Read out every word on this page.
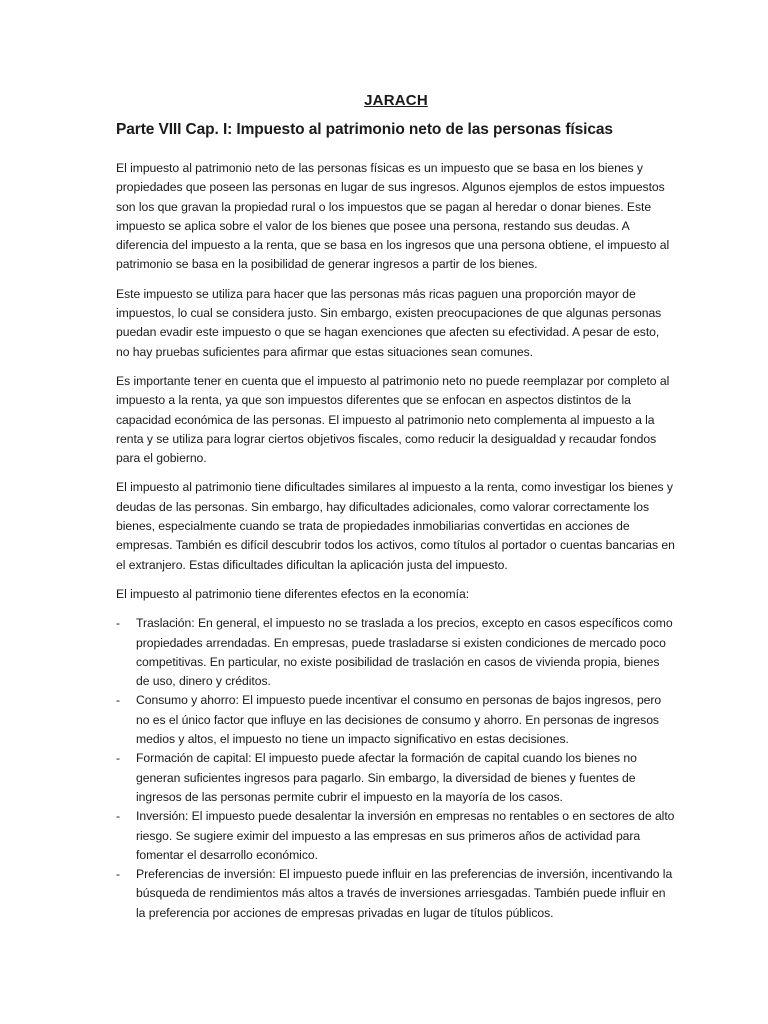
JARACH
Parte VIII Cap. I: Impuesto al patrimonio neto de las personas físicas

El impuesto al patrimonio neto de las personas físicas es un impuesto que se basa en los bienes y propiedades que poseen las personas en lugar de sus ingresos. Algunos ejemplos de estos impuestos son los que gravan la propiedad rural o los impuestos que se pagan al heredar o donar bienes. Este impuesto se aplica sobre el valor de los bienes que posee una persona, restando sus deudas. A diferencia del impuesto a la renta, que se basa en los ingresos que una persona obtiene, el impuesto al patrimonio se basa en la posibilidad de generar ingresos a partir de los bienes.

Este impuesto se utiliza para hacer que las personas más ricas paguen una proporción mayor de impuestos, lo cual se considera justo. Sin embargo, existen preocupaciones de que algunas personas puedan evadir este impuesto o que se hagan exenciones que afecten su efectividad. A pesar de esto, no hay pruebas suficientes para afirmar que estas situaciones sean comunes.

Es importante tener en cuenta que el impuesto al patrimonio neto no puede reemplazar por completo al impuesto a la renta, ya que son impuestos diferentes que se enfocan en aspectos distintos de la capacidad económica de las personas. El impuesto al patrimonio neto complementa al impuesto a la renta y se utiliza para lograr ciertos objetivos fiscales, como reducir la desigualdad y recaudar fondos para el gobierno.

El impuesto al patrimonio tiene dificultades similares al impuesto a la renta, como investigar los bienes y deudas de las personas. Sin embargo, hay dificultades adicionales, como valorar correctamente los bienes, especialmente cuando se trata de propiedades inmobiliarias convertidas en acciones de empresas. También es difícil descubrir todos los activos, como títulos al portador o cuentas bancarias en el extranjero. Estas dificultades dificultan la aplicación justa del impuesto.

El impuesto al patrimonio tiene diferentes efectos en la economía:

- Traslación: En general, el impuesto no se traslada a los precios, excepto en casos específicos como propiedades arrendadas. En empresas, puede trasladarse si existen condiciones de mercado poco competitivas. En particular, no existe posibilidad de traslación en casos de vivienda propia, bienes de uso, dinero y créditos.
- Consumo y ahorro: El impuesto puede incentivar el consumo en personas de bajos ingresos, pero no es el único factor que influye en las decisiones de consumo y ahorro. En personas de ingresos medios y altos, el impuesto no tiene un impacto significativo en estas decisiones.
- Formación de capital: El impuesto puede afectar la formación de capital cuando los bienes no generan suficientes ingresos para pagarlo. Sin embargo, la diversidad de bienes y fuentes de ingresos de las personas permite cubrir el impuesto en la mayoría de los casos.
- Inversión: El impuesto puede desalentar la inversión en empresas no rentables o en sectores de alto riesgo. Se sugiere eximir del impuesto a las empresas en sus primeros años de actividad para fomentar el desarrollo económico.
- Preferencias de inversión: El impuesto puede influir en las preferencias de inversión, incentivando la búsqueda de rendimientos más altos a través de inversiones arriesgadas. También puede influir en la preferencia por acciones de empresas privadas en lugar de títulos públicos.
